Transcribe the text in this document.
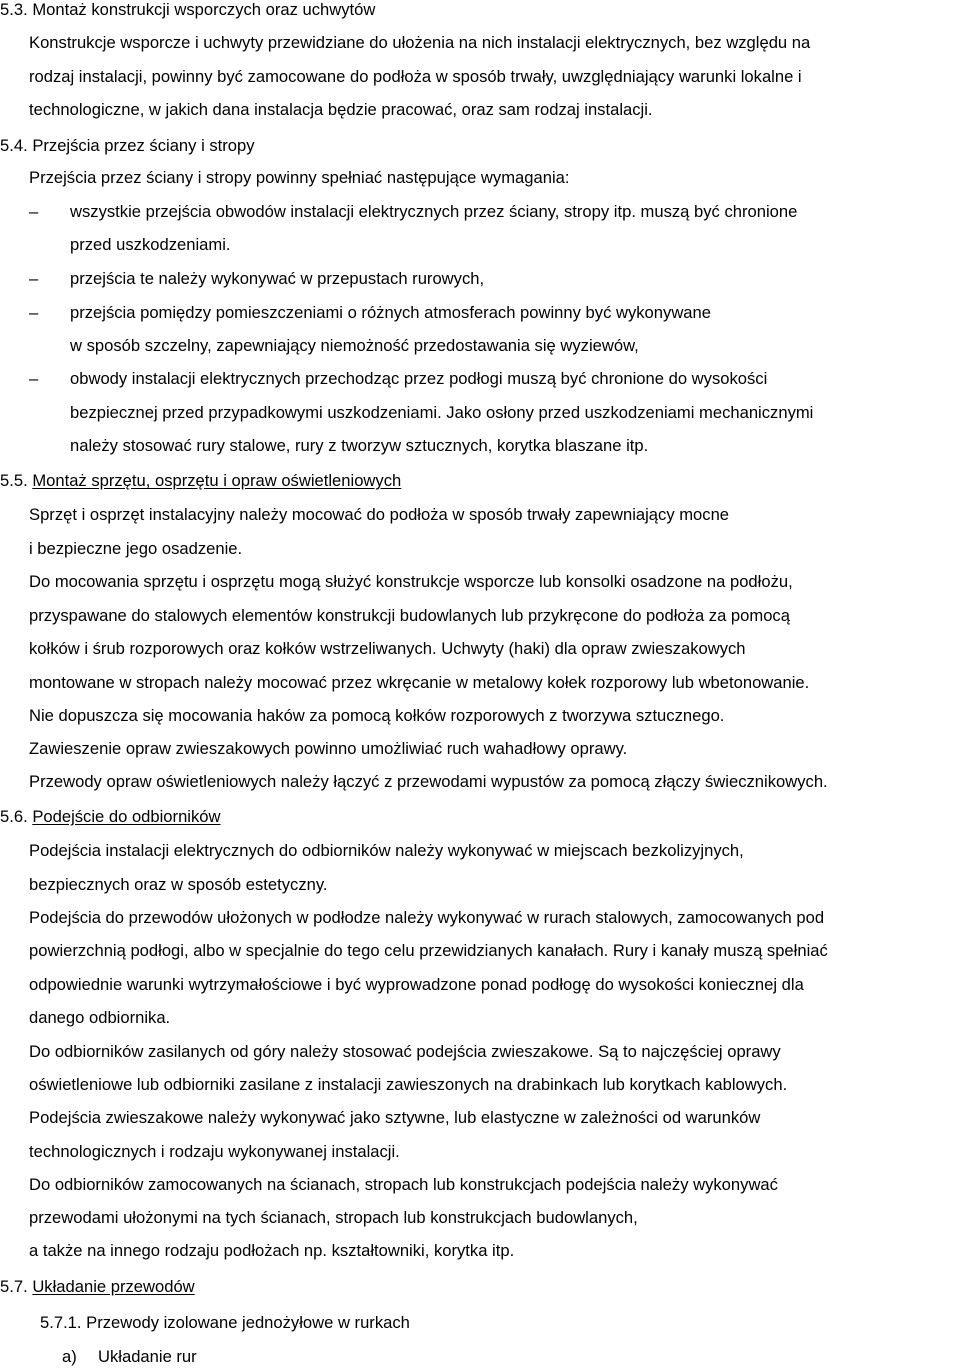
5.3. Montaż konstrukcji wsporczych oraz uchwytów
Konstrukcje wsporcze i uchwyty przewidziane do ułożenia na nich instalacji elektrycznych, bez względu na
rodzaj instalacji, powinny być zamocowane do podłoża w sposób trwały, uwzględniający warunki lokalne i
technologiczne, w jakich dana instalacja będzie pracować, oraz sam rodzaj instalacji.
5.4. Przejścia przez ściany i stropy
Przejścia przez ściany i stropy powinny spełniać następujące wymagania:
– wszystkie przejścia obwodów instalacji elektrycznych przez ściany, stropy itp. muszą być chronione
przed uszkodzeniami.
– przejścia te należy wykonywać w przepustach rurowych,
– przejścia pomiędzy pomieszczeniami o różnych atmosferach powinny być wykonywane
w sposób szczelny, zapewniający niemożność przedostawania się wyziewów,
– obwody instalacji elektrycznych przechodząc przez podłogi muszą być chronione do wysokości
bezpiecznej przed przypadkowymi uszkodzeniami. Jako osłony przed uszkodzeniami mechanicznymi
należy stosować rury stalowe, rury z tworzyw sztucznych, korytka blaszane itp.
5.5. Montaż sprzętu, osprzętu i opraw oświetleniowych
Sprzęt i osprzęt instalacyjny należy mocować do podłoża w sposób trwały zapewniający mocne
i bezpieczne jego osadzenie.
Do mocowania sprzętu i osprzętu mogą służyć konstrukcje wsporcze lub konsolki osadzone na podłożu,
przyspawane do stalowych elementów konstrukcji budowlanych lub przykręcone do podłoża za pomocą
kołków i śrub rozporowych oraz kołków wstrzeliwanych. Uchwyty (haki) dla opraw zwieszakowych
montowane w stropach należy mocować przez wkręcanie w metalowy kołek rozporowy lub wbetonowanie.
Nie dopuszcza się mocowania haków za pomocą kołków rozporowych z tworzywa sztucznego.
Zawieszenie opraw zwieszakowych powinno umożliwiać ruch wahadłowy oprawy.
Przewody opraw oświetleniowych należy łączyć z przewodami wypustów za pomocą złączy świecznikowych.
5.6. Podejście do odbiorników
Podejścia instalacji elektrycznych do odbiorników należy wykonywać w miejscach bezkolizyjnych,
bezpiecznych oraz w sposób estetyczny.
Podejścia do przewodów ułożonych w podłodze należy wykonywać w rurach stalowych, zamocowanych pod
powierzchnią podłogi, albo w specjalnie do tego celu przewidzianych kanałach. Rury i kanały muszą spełniać
odpowiednie warunki wytrzymałościowe i być wyprowadzone ponad podłogę do wysokości koniecznej dla
danego odbiornika.
Do odbiorników zasilanych od góry należy stosować podejścia zwieszakowe. Są to najczęściej oprawy
oświetleniowe lub odbiorniki zasilane z instalacji zawieszonych na drabinkach lub korytkach kablowych.
Podejścia zwieszakowe należy wykonywać jako sztywne, lub elastyczne w zależności od warunków
technologicznych i rodzaju wykonywanej instalacji.
Do odbiorników zamocowanych na ścianach, stropach lub konstrukcjach podejścia należy wykonywać
przewodami ułożonymi na tych ścianach, stropach lub konstrukcjach budowlanych,
a także na innego rodzaju podłożach np. kształtowniki, korytka itp.
5.7. Układanie przewodów
5.7.1. Przewody izolowane jednożyłowe w rurkach
a) Układanie rur
